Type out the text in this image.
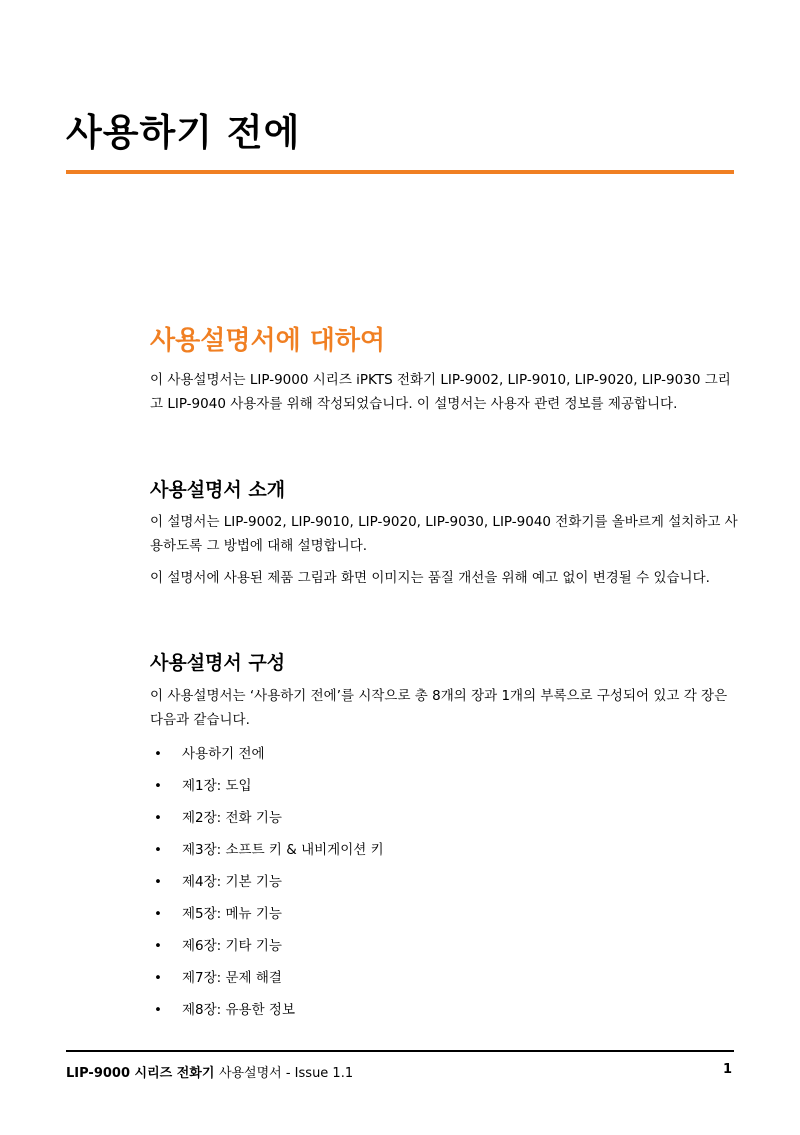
사용하기 전에
사용설명서에 대하여
이 사용설명서는 LIP-9000 시리즈 iPKTS 전화기 LIP-9002, LIP-9010, LIP-9020, LIP-9030 그리고 LIP-9040 사용자를 위해 작성되었습니다. 이 설명서는 사용자 관련 정보를 제공합니다.
사용설명서 소개
이 설명서는 LIP-9002, LIP-9010, LIP-9020, LIP-9030, LIP-9040 전화기를 올바르게 설치하고 사용하도록 그 방법에 대해 설명합니다.
이 설명서에 사용된 제품 그림과 화면 이미지는 품질 개선을 위해 예고 없이 변경될 수 있습니다.
사용설명서 구성
이 사용설명서는 ‘사용하기 전에’를 시작으로 총 8개의 장과 1개의 부록으로 구성되어 있고 각 장은 다음과 같습니다.
• 사용하기 전에
• 제1장: 도입
• 제2장: 전화 기능
• 제3장: 소프트 키 & 내비게이션 키
• 제4장: 기본 기능
• 제5장: 메뉴 기능
• 제6장: 기타 기능
• 제7장: 문제 해결
• 제8장: 유용한 정보
LIP-9000 시리즈 전화기 사용설명서 - Issue 1.1	1
